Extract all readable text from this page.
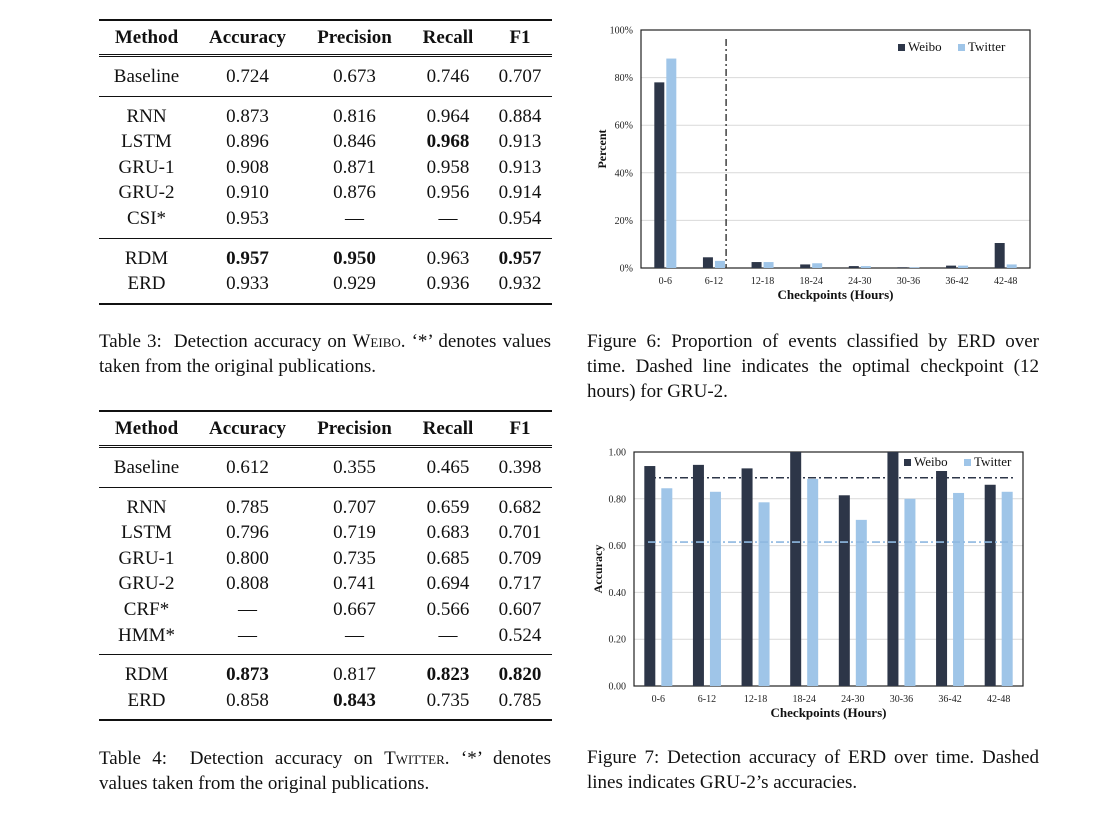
Method	Accuracy	Precision	Recall	F1
Baseline	0.724	0.673	0.746	0.707
RNN	0.873	0.816	0.964	0.884
LSTM	0.896	0.846	0.968	0.913
GRU-1	0.908	0.871	0.958	0.913
GRU-2	0.910	0.876	0.956	0.914
CSI*	0.953	—	—	0.954
RDM	0.957	0.950	0.963	0.957
ERD	0.933	0.929	0.936	0.932
Table 3: Detection accuracy on Weibo. ‘*’ denotes values taken from the original publications.
Method	Accuracy	Precision	Recall	F1
Baseline	0.612	0.355	0.465	0.398
RNN	0.785	0.707	0.659	0.682
LSTM	0.796	0.719	0.683	0.701
GRU-1	0.800	0.735	0.685	0.709
GRU-2	0.808	0.741	0.694	0.717
CRF*	—	0.667	0.566	0.607
HMM*	—	—	—	0.524
RDM	0.873	0.817	0.823	0.820
ERD	0.858	0.843	0.735	0.785
Table 4: Detection accuracy on Twitter. ‘*’ denotes values taken from the original publications.
0%
20%
40%
60%
80%
100%
0-6	6-12	12-18	18-24	24-30	30-36	36-42	42-48
Checkpoints (Hours)
Percent
Weibo Twitter
Figure 6: Proportion of events classified by ERD over time. Dashed line indicates the optimal checkpoint (12 hours) for GRU-2.
0.00
0.20
0.40
0.60
0.80
1.00
0-6	6-12	12-18	18-24	24-30	30-36	36-42	42-48
Checkpoints (Hours)
Accuracy
Weibo Twitter
Figure 7: Detection accuracy of ERD over time. Dashed lines indicates GRU-2’s accuracies.
